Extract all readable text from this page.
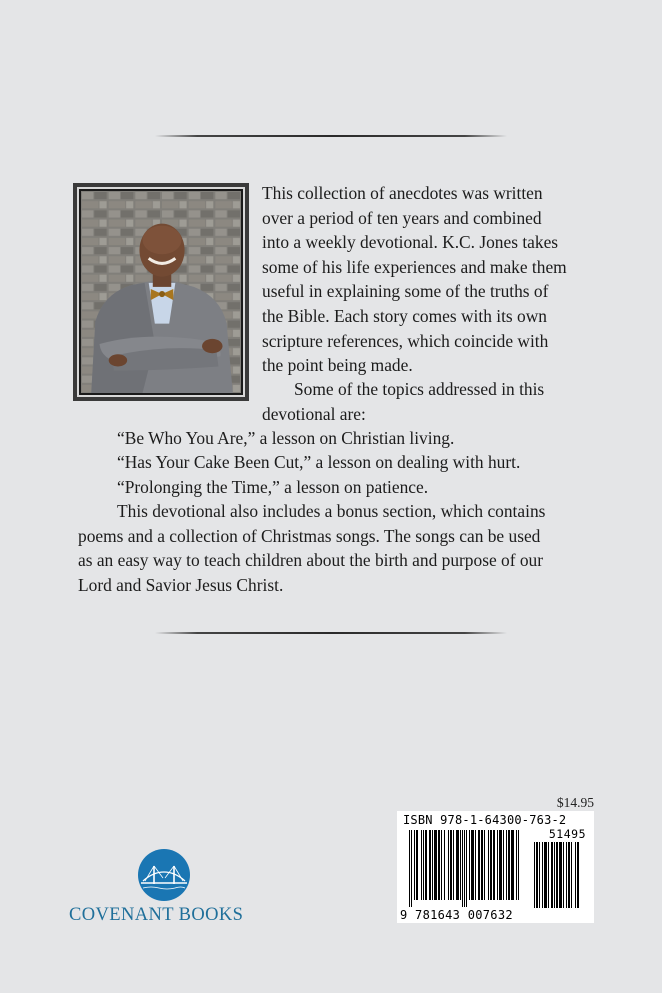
This collection of anecdotes was written
over a period of ten years and combined
into a weekly devotional. K.C. Jones takes
some of his life experiences and make them
useful in explaining some of the truths of
the Bible. Each story comes with its own
scripture references, which coincide with
the point being made.

Some of the topics addressed in this
devotional are:

“Be Who You Are,” a lesson on Christian living.
“Has Your Cake Been Cut,” a lesson on dealing with hurt.
“Prolonging the Time,” a lesson on patience.

This devotional also includes a bonus section, which contains
poems and a collection of Christmas songs. The songs can be used
as an easy way to teach children about the birth and purpose of our
Lord and Savior Jesus Christ.

$14.95
ISBN 978-1-64300-763-2
51495
9 781643 007632
COVENANT BOOKS
